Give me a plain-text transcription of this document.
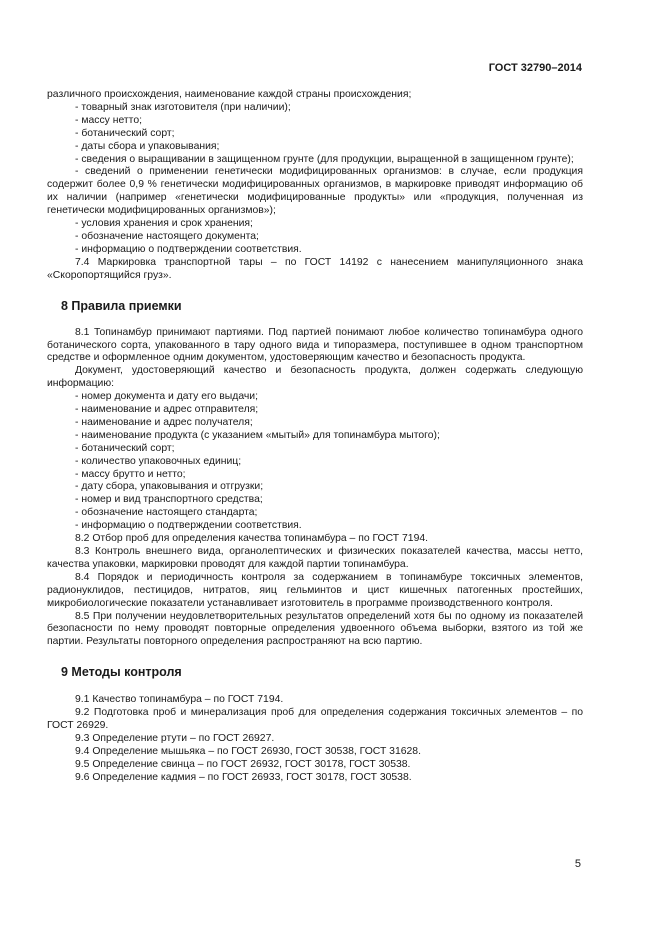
ГОСТ 32790–2014

различного происхождения, наименование каждой страны происхождения;

- товарный знак изготовителя (при наличии);

- массу нетто;

- ботанический сорт;

- даты сбора и упаковывания;

- сведения о выращивании в защищенном грунте (для продукции, выращенной в защищенном грунте);

- сведений о применении генетически модифицированных организмов: в случае, если продукция содержит более 0,9 % генетически модифицированных организмов, в маркировке приводят информацию об их наличии (например «генетически модифицированные продукты» или «продукция, полученная из генетически модифицированных организмов»);

- условия хранения и срок хранения;

- обозначение настоящего документа;

- информацию о подтверждении соответствия.

7.4 Маркировка транспортной тары – по ГОСТ 14192 с нанесением манипуляционного знака «Скоропортящийся груз».

8 Правила приемки

8.1 Топинамбур принимают партиями. Под партией понимают любое количество топинамбура одного ботанического сорта, упакованного в тару одного вида и типоразмера, поступившее в одном транспортном средстве и оформленное одним документом, удостоверяющим качество и безопасность продукта.

Документ, удостоверяющий качество и безопасность продукта, должен содержать следующую информацию:

- номер документа и дату его выдачи;

- наименование и адрес отправителя;

- наименование и адрес получателя;

- наименование продукта (с указанием «мытый» для топинамбура мытого);

- ботанический сорт;

- количество упаковочных единиц;

- массу брутто и нетто;

- дату сбора, упаковывания и отгрузки;

- номер и вид транспортного средства;

- обозначение настоящего стандарта;

- информацию о подтверждении соответствия.

8.2 Отбор проб для определения качества топинамбура – по ГОСТ 7194.

8.3 Контроль внешнего вида, органолептических и физических показателей качества, массы нетто, качества упаковки, маркировки проводят для каждой партии топинамбура.

8.4 Порядок и периодичность контроля за содержанием в топинамбуре токсичных элементов, радионуклидов, пестицидов, нитратов, яиц гельминтов и цист кишечных патогенных простейших, микробиологические показатели устанавливает изготовитель в программе производственного контроля.

8.5 При получении неудовлетворительных результатов определений хотя бы по одному из показателей безопасности по нему проводят повторные определения удвоенного объема выборки, взятого из той же партии. Результаты повторного определения распространяют на всю партию.

9 Методы контроля

9.1 Качество топинамбура – по ГОСТ 7194.

9.2 Подготовка проб и минерализация проб для определения содержания токсичных элементов – по ГОСТ 26929.

9.3 Определение ртути – по ГОСТ 26927.

9.4 Определение мышьяка – по ГОСТ 26930, ГОСТ 30538, ГОСТ 31628.

9.5 Определение свинца – по ГОСТ 26932, ГОСТ 30178, ГОСТ 30538.

9.6 Определение кадмия – по ГОСТ 26933, ГОСТ 30178, ГОСТ 30538.

5
